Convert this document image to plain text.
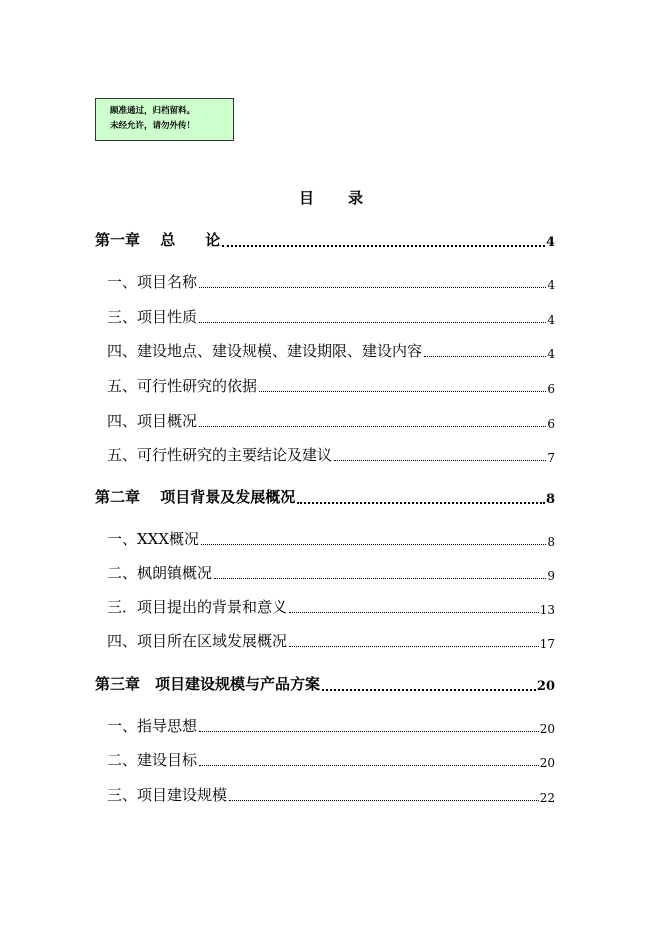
顾准通过，归档留料。
未经允许，请勿外传！
目 录
第一章　 总　　论	4
一、项目名称	4
三、项目性质	4
四、建设地点、建设规模、建设期限、建设内容	4
五、可行性研究的依据	6
四、项目概况	6
五、可行性研究的主要结论及建议	7
第二章　 项目背景及发展概况	8
一、XXX概况	8
二、枫朗镇概况	9
三．项目提出的背景和意义	13
四、项目所在区域发展概况	17
第三章　项目建设规模与产品方案	20
一、指导思想	20
二、建设目标	20
三、项目建设规模	22
